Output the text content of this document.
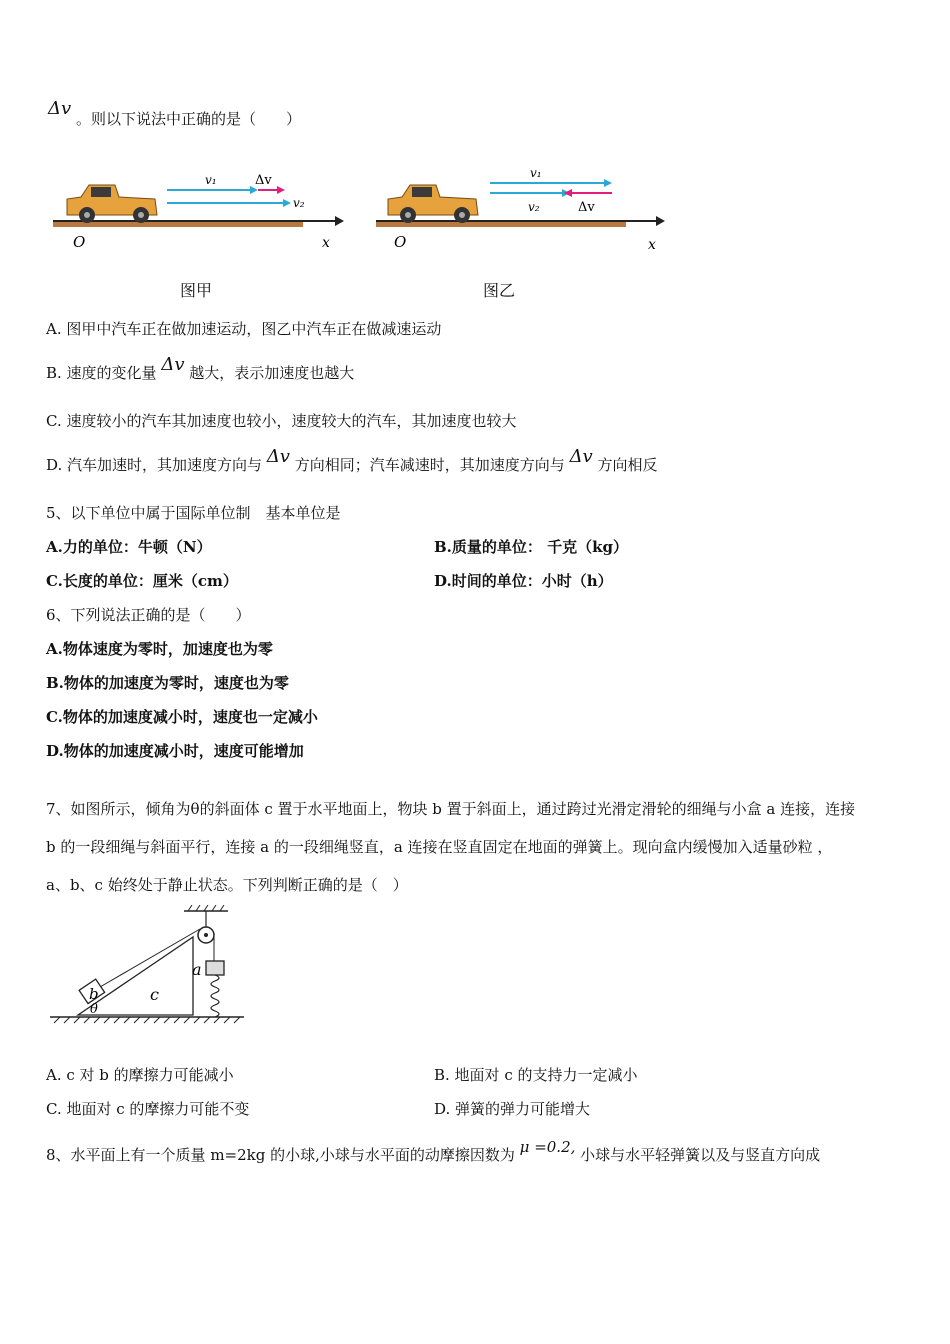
Δv 。则以下说法中正确的是（　　）
v₁	Δv
v₂
O	x
v₁
v₂	Δv
O	x
图甲	图乙
A. 图甲中汽车正在做加速运动，图乙中汽车正在做减速运动
B. 速度的变化量 Δv 越大，表示加速度也越大
C. 速度较小的汽车其加速度也较小，速度较大的汽车，其加速度也较大
D. 汽车加速时，其加速度方向与 Δv 方向相同；汽车减速时，其加速度方向与 Δv 方向相反
5、以下单位中属于国际单位制　基本单位是
A.力的单位：牛顿（N）	B.质量的单位： 千克（kg）
C.长度的单位：厘米（cm）	D.时间的单位：小时（h）
6、下列说法正确的是（　　）
A.物体速度为零时，加速度也为零
B.物体的加速度为零时，速度也为零
C.物体的加速度减小时，速度也一定减小
D.物体的加速度减小时，速度可能增加
7、如图所示，倾角为θ的斜面体 c 置于水平地面上，物块 b 置于斜面上，通过跨过光滑定滑轮的细绳与小盒 a 连接，连接
b 的一段细绳与斜面平行，连接 a 的一段细绳竖直，a 连接在竖直固定在地面的弹簧上。现向盒内缓慢加入适量砂粒 ，
a、b、c 始终处于静止状态。下列判断正确的是（　）
b	c
a
θ
A. c 对 b 的摩擦力可能减小	B. 地面对 c 的支持力一定减小
C. 地面对 c 的摩擦力可能不变	D. 弹簧的弹力可能增大
8、水平面上有一个质量 m=2kg 的小球,小球与水平面的动摩擦因数为 μ =0.2, 小球与水平轻弹簧以及与竖直方向成
